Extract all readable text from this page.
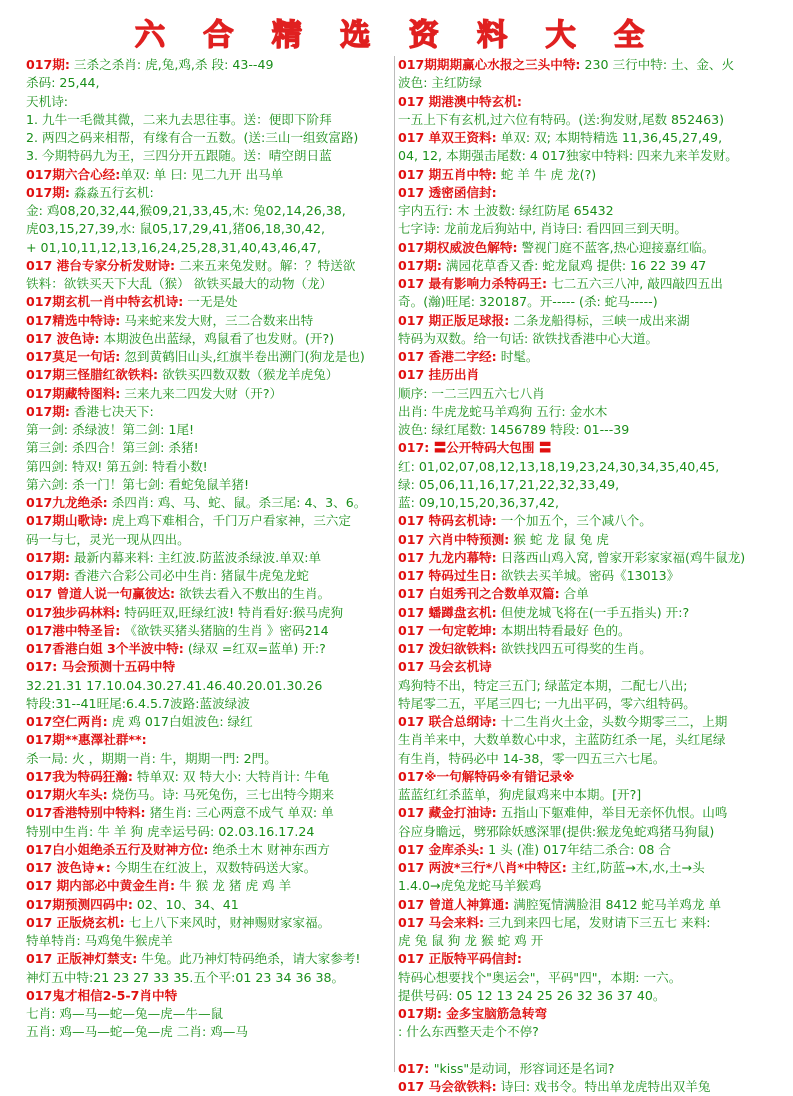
六 合 精 选 资 料 大 全
017期: 三杀之杀肖: 虎,兔,鸡,杀 段: 43--49
杀码: 25,44,
天机诗:
1. 九牛一毛微其微，二来九去思往事。送：便即下阶拜
2. 两四之码来相帮，有缘有合一五数。(送:三山一组致富路)
3. 今期特码九为王，三四分开五跟随。送：晴空朗日蓝
017期六合心经:单双: 单 曰: 见二九开 出马单
017期: 淼淼五行玄机:
金: 鸡08,20,32,44,猴09,21,33,45,木: 兔02,14,26,38,
虎03,15,27,39,水: 鼠05,17,29,41,猪06,18,30,42,
+ 01,10,11,12,13,16,24,25,28,31,40,43,46,47,
017 港台专家分析发财诗: 二来五来兔发财。解：？特送欲
铁料：欲铁买天下大乱（猴） 欲铁买最大的动物（龙）
017期玄机一肖中特玄机诗: 一无是处
017精选中特诗: 马来蛇来发大财，三二合数来出特
017 波色诗: 本期波色出蓝绿，鸡鼠看了也发财。(开?)
017莫足一句话: 忽到黄鹤旧山头,红旗半卷出溯门(狗龙是也)
017期三怪腊红欲铁料: 欲铁买四数双数（猴龙羊虎兔）
017期藏特图料: 三来九来二四发大财（开?）
017期: 香港七决天下:
第一剑: 杀绿波！第二剑: 1尾!
第三剑: 杀四合！第三剑: 杀猪!
第四剑: 特双! 第五剑: 特看小数!
第六剑: 杀一门！第七剑: 看蛇兔鼠羊猪!
017九龙绝杀: 杀四肖: 鸡、马、蛇、鼠。杀三尾: 4、3、6。
017期山歌诗: 虎上鸡下难相合，千门万户看家神，三六定
码一与七，灵光一现从四出。
017期: 最新内幕来料: 主红波.防蓝波杀绿波.单双:单
017期: 香港六合彩公司必中生肖: 猪鼠牛虎兔龙蛇
017 曾道人说一句赢彼达: 欲铁去看入不敷出的生肖。
017独步码林料: 特码旺双,旺绿红波! 特肖看好:猴马虎狗
017港中特圣旨: 《欲铁买猪头猪脑的生肖 》密码214
017香港白姐 3个半波中特: (绿双 =红双=蓝单) 开:?
017: 马会预测十五码中特
32.21.31 17.10.04.30.27.41.46.40.20.01.30.26
特段:31--41旺尾:6.4.5.7波路:蓝波绿波
017空仁两肖: 虎 鸡 017白姐波色: 绿红
017期**惠澤社群**:
杀一局: 火 ，期期一肖: 牛，期期一門: 2門。
017我为特码狂瀚: 特单双: 双 特大小: 大特肖计: 牛龟
017期火车头: 烧伤马。诗: 马死兔伤，三七出特今期来
017香港特别中特料: 猪生肖: 三心两意不成气 单双: 单
特别中生肖: 牛 羊 狗 虎幸运号码: 02.03.16.17.24
017白小姐绝杀五行及财神方位: 绝杀土木 财神东西方
017 波色诗★: 今期生在红波上，双数特码送大家。
017 期内部必中黄金生肖: 牛 猴 龙 猪 虎 鸡 羊
017期预测四码中: 02、10、34、41
017 正版烧玄机: 七上八下来风时，财神赐财家家福。
特单特肖: 马鸡兔牛猴虎羊
017 正版神灯禁支: 牛兔。此乃神灯特码绝杀，请大家参考!
神灯五中特:21 23 27 33 35.五个平:01 23 34 36 38。
017鬼才相信2-5-7肖中特
七肖: 鸡—马—蛇—兔—虎—牛—鼠
五肖: 鸡—马—蛇—兔—虎 二肖: 鸡—马
017期期期赢心水报之三头中特: 230 三行中特: 土、金、火
波色: 主红防绿
017 期港澳中特玄机:
一五上下有玄机,过六位有特码。(送:狗发财,尾数 852463)
017 单双王资料: 单双: 双; 本期特精选 11,36,45,27,49,
04, 12, 本期强击尾数: 4 017独家中特料: 四来九来羊发财。
017 期五肖中特: 蛇 羊 牛 虎 龙(?)
017 透密函信封:
宇内五行: 木 土波数: 绿红防尾 65432
七字诗: 龙前龙后狗站中, 肖诗曰: 看四回三到天明。
017期权威波色解特: 警视门庭不蓝客,热心迎接嘉红临。
017期: 满园花草香又香: 蛇龙鼠鸡 提供: 16 22 39 47
017 最有影响力杀特码王: 七二五六三八冲, 敲四敲四五出
奇。(瀚)旺尾: 320187。开----- (杀: 蛇马-----)
017 期正版足球报: 二条龙船得标，三峡一成出来湖
特码为双数。给一句话: 欲铁找香港中心大道。
017 香港二字经: 时髦。
017 挂历出肖
顺序: 一二三四五六七八肖
出肖: 牛虎龙蛇马羊鸡狗 五行: 金水木
波色: 绿红尾数: 1456789 特段: 01---39
017: 〓公开特码大包围 〓
红: 01,02,07,08,12,13,18,19,23,24,30,34,35,40,45,
绿: 05,06,11,16,17,21,22,32,33,49,
蓝: 09,10,15,20,36,37,42,
017 特码玄机诗: 一个加五个，三个减八个。
017 六肖中特预测: 猴 蛇 龙 鼠 兔 虎
017 九龙内幕特: 日落西山鸡入窝, 曾家开彩家家福(鸡牛鼠龙)
017 特码过生日: 欲铁去买羊城。密码《13013》
017 白姐秀刊之合数单双篇: 合单
017 蟠蹲盘玄机: 但使龙城飞将在(一手五指头) 开:?
017 一句定乾坤: 本期出特看最好 色的。
017 泼妇欲铁料: 欲铁找四五可得奖的生肖。
017 马会玄机诗
鸡狗特不出，特定三五门; 绿蓝定本期，二配七八出;
特尾零二五，平尾三四七; 一九出平码，零六组特码。
017 联合总纲诗: 十二生肖火土金，头数今期零三二，上期
生肖羊来中，大数单数心中求，主蓝防红杀一尾，头红尾绿
有生肖，特码必中 14-38，零一四五三六七尾。
017※一句解特码※有错记录※
蓝蓝红红杀蓝单，狗虎鼠鸡来中本期。[开?]
017 藏金打油诗: 五指山下躯难伸，举目无亲怀仇恨。山鸣
谷应身瞻远，劈邪除妖感深罪(提供:猴龙兔蛇鸡猪马狗鼠)
017 金库杀头: 1 头 (准) 017年结二杀合: 08 合
017 两波*三行*八肖*中特区: 主红,防蓝→木,水,土→头
1.4.0→虎兔龙蛇马羊猴鸡
017 曾道人神算通: 满腔冤情满脸泪 8412 蛇马羊鸡龙 单
017 马会来料: 三九到来四七尾，发财请下三五七 来料:
虎 兔 鼠 狗 龙 猴 蛇 鸡 开
017 正版特平码信封:
特码心想要找个"奥运会"，平码"四"，本期: 一六。
提供号码: 05 12 13 24 25 26 32 36 37 40。
017期: 金多宝脑筋急转弯
: 什么东西整天走个不停?
017: "kiss"是动词，形容词还是名词?
017 马会欲铁料: 诗曰: 戏书令。特出单龙虎特出双羊兔
